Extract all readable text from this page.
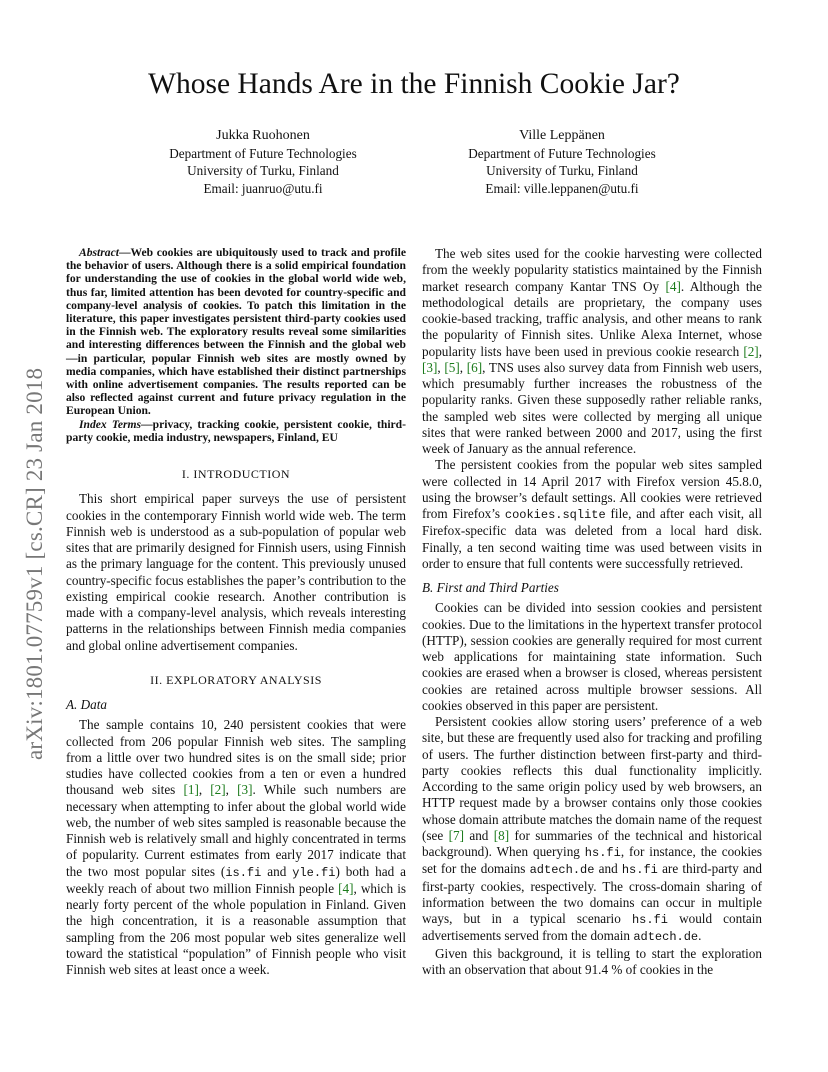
arXiv:1801.07759v1 [cs.CR] 23 Jan 2018
Whose Hands Are in the Finnish Cookie Jar?
Jukka Ruohonen
Department of Future Technologies
University of Turku, Finland
Email: juanruo@utu.fi
Ville Leppänen
Department of Future Technologies
University of Turku, Finland
Email: ville.leppanen@utu.fi

Abstract—Web cookies are ubiquitously used to track and profile the behavior of users. Although there is a solid empirical foundation for understanding the use of cookies in the global world wide web, thus far, limited attention has been devoted for country-specific and company-level analysis of cookies. To patch this limitation in the literature, this paper investigates persistent third-party cookies used in the Finnish web. The exploratory results reveal some similarities and interesting differences between the Finnish and the global web—in particular, popular Finnish web sites are mostly owned by media companies, which have established their distinct partnerships with online advertisement companies. The results reported can be also reflected against current and future privacy regulation in the European Union.

Index Terms—privacy, tracking cookie, persistent cookie, third-party cookie, media industry, newspapers, Finland, EU

I. INTRODUCTION

This short empirical paper surveys the use of persistent cookies in the contemporary Finnish world wide web. The term Finnish web is understood as a sub-population of popular web sites that are primarily designed for Finnish users, using Finnish as the primary language for the content. This previously unused country-specific focus establishes the paper’s contribution to the existing empirical cookie research. Another contribution is made with a company-level analysis, which reveals interesting patterns in the relationships between Finnish media companies and global online advertisement companies.

II. EXPLORATORY ANALYSIS
A. Data

The sample contains 10, 240 persistent cookies that were collected from 206 popular Finnish web sites. The sampling from a little over two hundred sites is on the small side; prior studies have collected cookies from a ten or even a hundred thousand web sites [1], [2], [3]. While such numbers are necessary when attempting to infer about the global world wide web, the number of web sites sampled is reasonable because the Finnish web is relatively small and highly concentrated in terms of popularity. Current estimates from early 2017 indicate that the two most popular sites (is.fi and yle.fi) both had a weekly reach of about two million Finnish people [4], which is nearly forty percent of the whole population in Finland. Given the high concentration, it is a reasonable assumption that sampling from the 206 most popular web sites generalize well toward the statistical “population” of Finnish people who visit Finnish web sites at least once a week.

The web sites used for the cookie harvesting were collected from the weekly popularity statistics maintained by the Finnish market research company Kantar TNS Oy [4]. Although the methodological details are proprietary, the company uses cookie-based tracking, traffic analysis, and other means to rank the popularity of Finnish sites. Unlike Alexa Internet, whose popularity lists have been used in previous cookie research [2], [3], [5], [6], TNS uses also survey data from Finnish web users, which presumably further increases the robustness of the popularity ranks. Given these supposedly rather reliable ranks, the sampled web sites were collected by merging all unique sites that were ranked between 2000 and 2017, using the first week of January as the annual reference.

The persistent cookies from the popular web sites sampled were collected in 14 April 2017 with Firefox version 45.8.0, using the browser’s default settings. All cookies were retrieved from Firefox’s cookies.sqlite file, and after each visit, all Firefox-specific data was deleted from a local hard disk. Finally, a ten second waiting time was used between visits in order to ensure that full contents were successfully retrieved.

B. First and Third Parties

Cookies can be divided into session cookies and persistent cookies. Due to the limitations in the hypertext transfer protocol (HTTP), session cookies are generally required for most current web applications for maintaining state information. Such cookies are erased when a browser is closed, whereas persistent cookies are retained across multiple browser sessions. All cookies observed in this paper are persistent.

Persistent cookies allow storing users’ preference of a web site, but these are frequently used also for tracking and profiling of users. The further distinction between first-party and third-party cookies reflects this dual functionality implicitly. According to the same origin policy used by web browsers, an HTTP request made by a browser contains only those cookies whose domain attribute matches the domain name of the request (see [7] and [8] for summaries of the technical and historical background). When querying hs.fi, for instance, the cookies set for the domains adtech.de and hs.fi are third-party and first-party cookies, respectively. The cross-domain sharing of information between the two domains can occur in multiple ways, but in a typical scenario hs.fi would contain advertisements served from the domain adtech.de.

Given this background, it is telling to start the exploration with an observation that about 91.4 % of cookies in the
